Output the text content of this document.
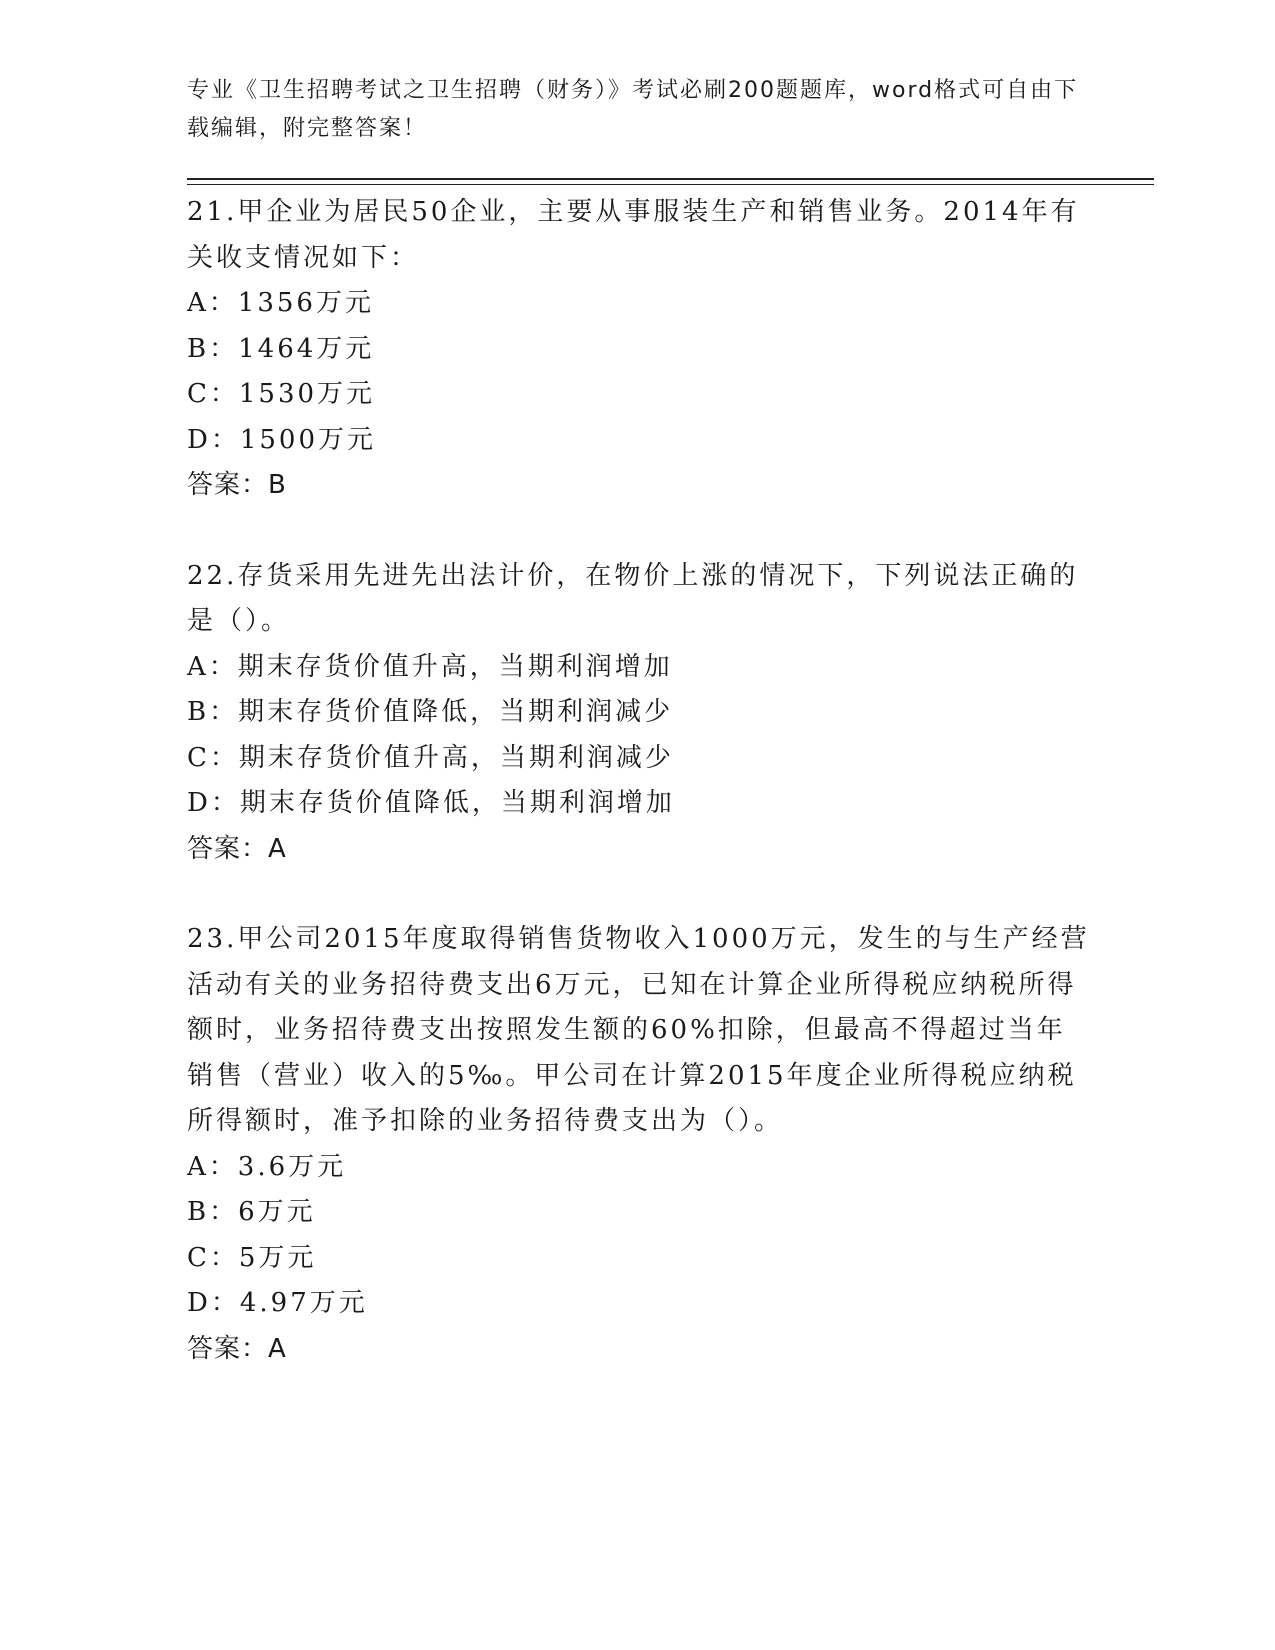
专业《卫生招聘考试之卫生招聘（财务）》考试必刷200题题库，word格式可自由下载编辑，附完整答案！

21.甲企业为居民50企业，主要从事服装生产和销售业务。2014年有关收支情况如下：

A：1356万元

B：1464万元

C：1530万元

D：1500万元

答案：B

22.存货采用先进先出法计价，在物价上涨的情况下，下列说法正确的是（）。

A：期末存货价值升高，当期利润增加

B：期末存货价值降低，当期利润减少

C：期末存货价值升高，当期利润减少

D：期末存货价值降低，当期利润增加

答案：A

23.甲公司2015年度取得销售货物收入1000万元，发生的与生产经营活动有关的业务招待费支出6万元，已知在计算企业所得税应纳税所得额时，业务招待费支出按照发生额的60%扣除，但最高不得超过当年销售（营业）收入的5‰。甲公司在计算2015年度企业所得税应纳税所得额时，准予扣除的业务招待费支出为（）。

A：3.6万元

B：6万元

C：5万元

D：4.97万元

答案：A
